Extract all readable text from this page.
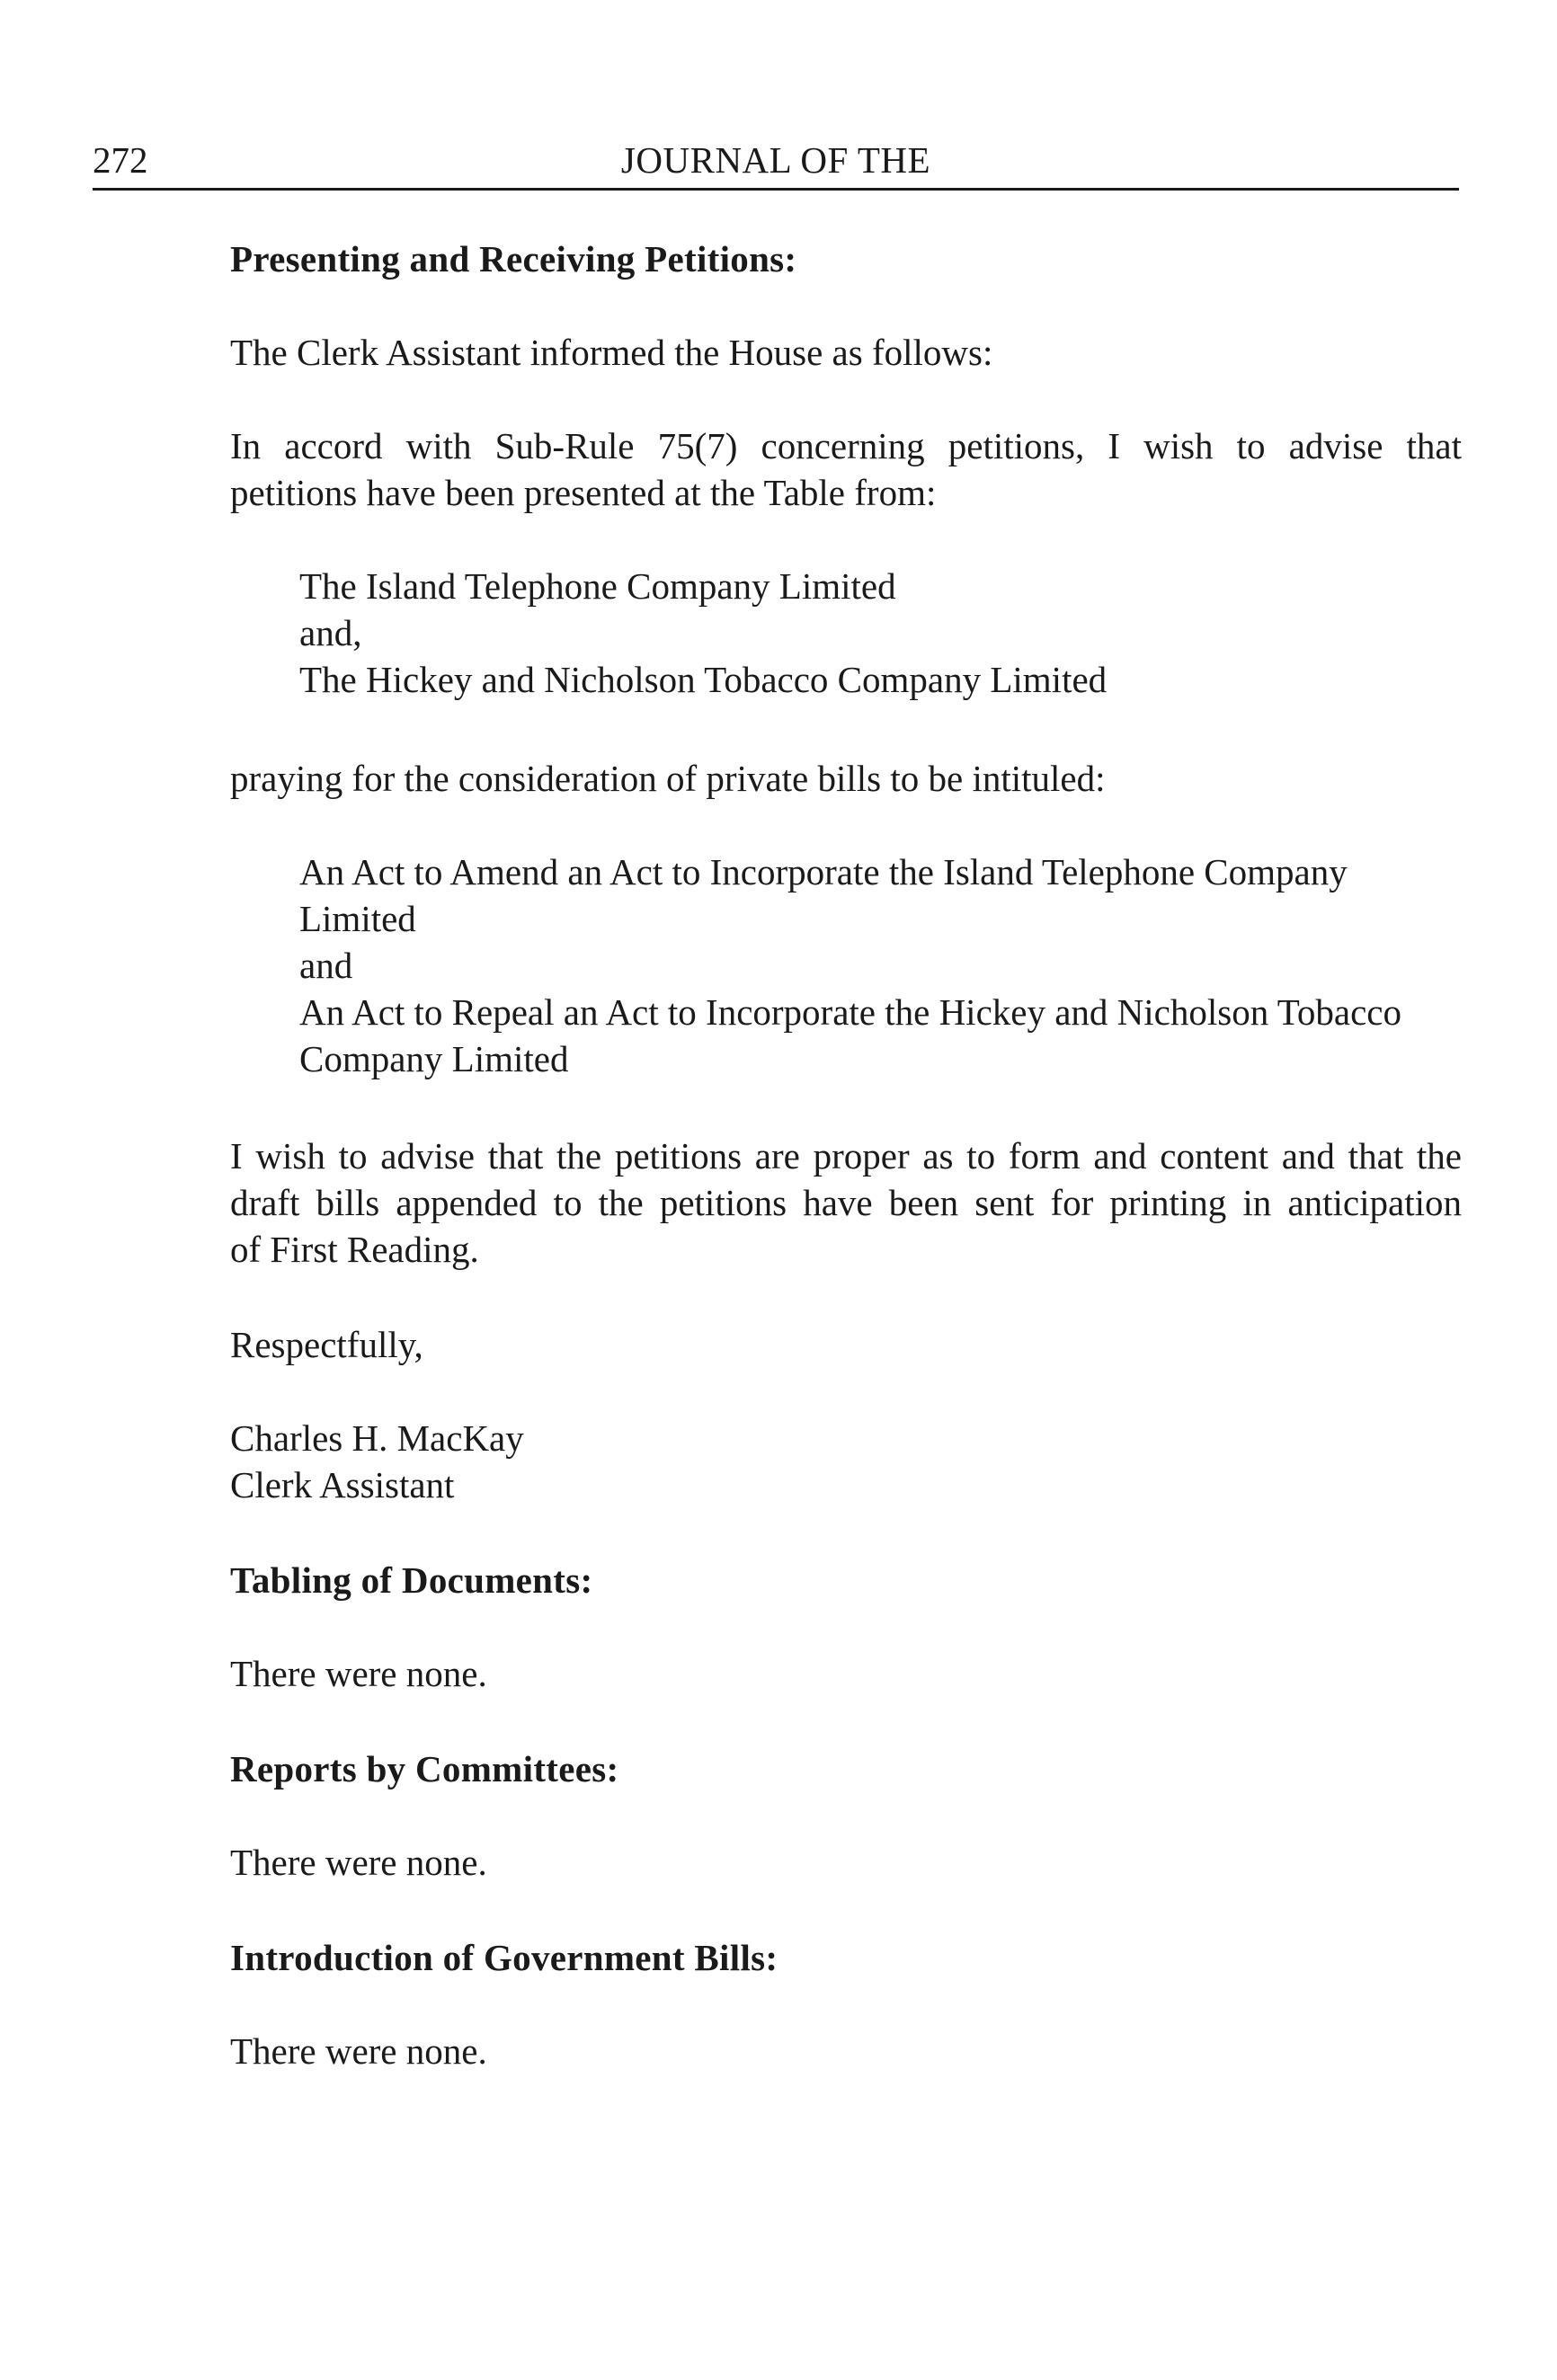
272	JOURNAL OF THE
Presenting and Receiving Petitions:
The Clerk Assistant informed the House as follows:
In accord with Sub-Rule 75(7) concerning petitions, I wish to advise that
petitions have been presented at the Table from:
The Island Telephone Company Limited
and,
The Hickey and Nicholson Tobacco Company Limited
praying for the consideration of private bills to be intituled:
An Act to Amend an Act to Incorporate the Island Telephone Company
Limited
and
An Act to Repeal an Act to Incorporate the Hickey and Nicholson Tobacco
Company Limited
I wish to advise that the petitions are proper as to form and content and that the
draft bills appended to the petitions have been sent for printing in anticipation
of First Reading.
Respectfully,
Charles H. MacKay
Clerk Assistant
Tabling of Documents:
There were none.
Reports by Committees:
There were none.
Introduction of Government Bills:
There were none.
